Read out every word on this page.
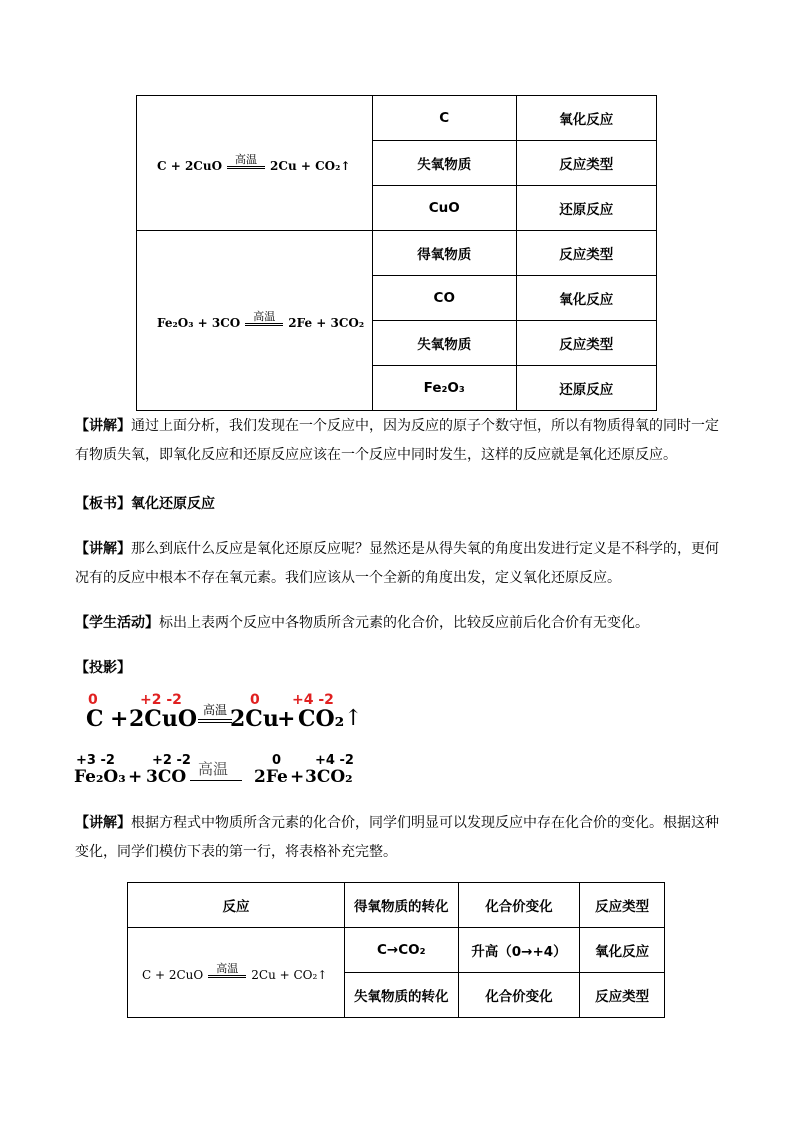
C + 2CuO 高温 2Cu + CO₂↑	C	氧化反应
	失氧物质	反应类型
	CuO	还原反应

Fe₂O₃ + 3CO 高温 2Fe + 3CO₂	得氧物质	反应类型
	CO	氧化反应
	失氧物质	反应类型
	Fe₂O₃	还原反应
【讲解】通过上面分析，我们发现在一个反应中，因为反应的原子个数守恒，所以有物质得氧的同时一定有物质失氧，即氧化反应和还原反应应该在一个反应中同时发生，这样的反应就是氧化还原反应。
【板书】氧化还原反应
【讲解】那么到底什么反应是氧化还原反应呢？显然还是从得失氧的角度出发进行定义是不科学的，更何况有的反应中根本不存在氧元素。我们应该从一个全新的角度出发，定义氧化还原反应。
【学生活动】标出上表两个反应中各物质所含元素的化合价，比较反应前后化合价有无变化。
【投影】
0	+2 -2	0 +4 -2
C + 2CuO 高温 2Cu
+ CO₂ ↑
+3 -2	+2 -2	0	+4 -2
Fe₂O₃ + 3CO 高温 2Fe + 3CO₂
【讲解】根据方程式中物质所含元素的化合价，同学们明显可以发现反应中存在化合价的变化。根据这种变化，同学们模仿下表的第一行，将表格补充完整。
反应	得氧物质的转化	化合价变化	反应类型

C + 2CuO 高温 2Cu + CO₂↑	C→CO₂	升高（0→+4）	氧化反应
	失氧物质的转化	化合价变化	反应类型
